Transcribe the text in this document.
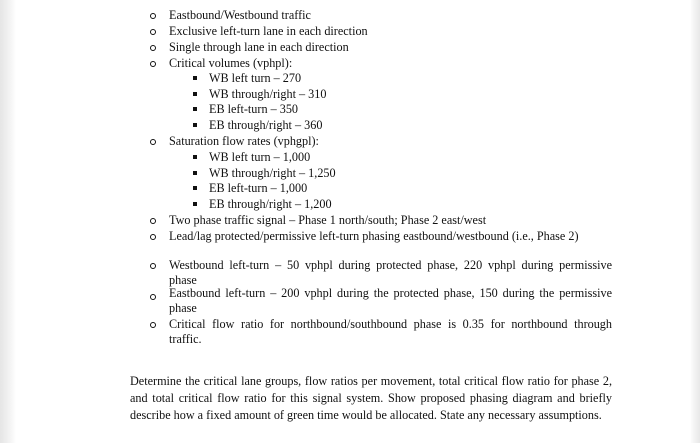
Eastbound/Westbound traffic
Exclusive left-turn lane in each direction
Single through lane in each direction
Critical volumes (vphpl):
WB left turn – 270
WB through/right – 310
EB left-turn – 350
EB through/right – 360
Saturation flow rates (vphgpl):
WB left turn – 1,000
WB through/right – 1,250
EB left-turn – 1,000
EB through/right – 1,200
Two phase traffic signal – Phase 1 north/south; Phase 2 east/west
Lead/lag protected/permissive left-turn phasing eastbound/westbound (i.e., Phase 2)
Westbound left-turn – 50 vphpl during protected phase, 220 vphpl during permissive phase
Eastbound left-turn – 200 vphpl during the protected phase, 150 during the permissive phase
Critical flow ratio for northbound/southbound phase is 0.35 for northbound through traffic.
Determine the critical lane groups, flow ratios per movement, total critical flow ratio for phase 2, and total critical flow ratio for this signal system. Show proposed phasing diagram and briefly describe how a fixed amount of green time would be allocated. State any necessary assumptions.
